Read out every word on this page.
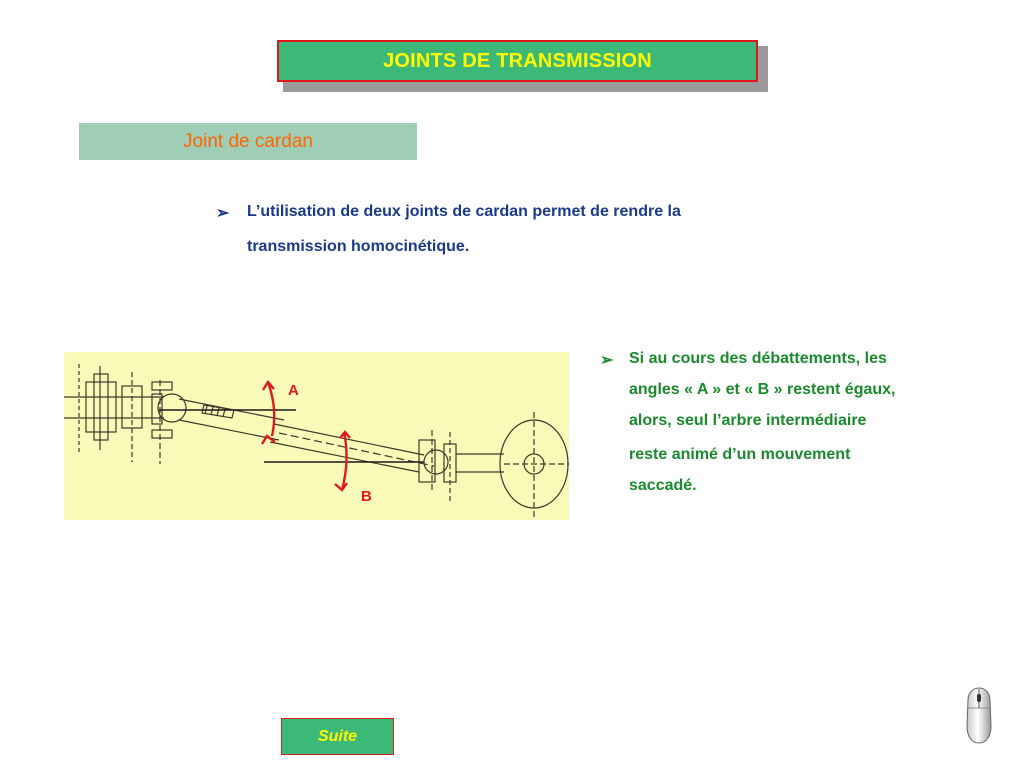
JOINTS DE TRANSMISSION
Joint de cardan
➢ L’utilisation de deux joints de cardan permet de rendre la
transmission homocinétique.
➢ Si au cours des débattements, les
angles « A » et « B » restent égaux,
alors, seul l’arbre intermédiaire
reste animé d’un mouvement
saccadé.
A
B
Suite
